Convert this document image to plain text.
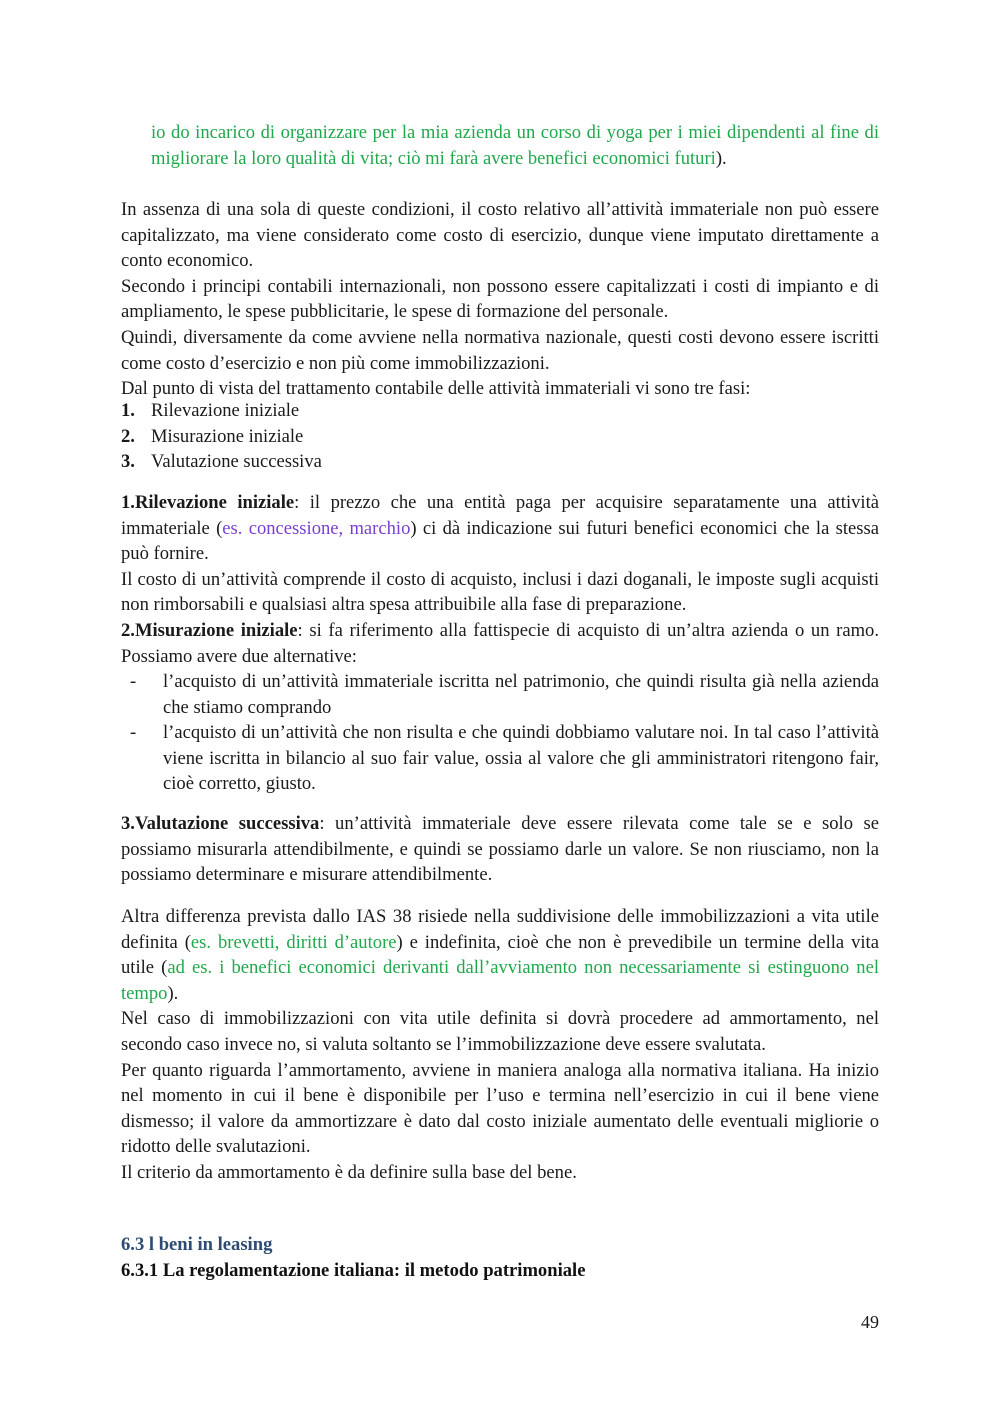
io do incarico di organizzare per la mia azienda un corso di yoga per i miei dipendenti al fine di migliorare la loro qualità di vita; ciò mi farà avere benefici economici futuri).

In assenza di una sola di queste condizioni, il costo relativo all’attività immateriale non può essere capitalizzato, ma viene considerato come costo di esercizio, dunque viene imputato direttamente a conto economico.

Secondo i principi contabili internazionali, non possono essere capitalizzati i costi di impianto e di ampliamento, le spese pubblicitarie, le spese di formazione del personale.

Quindi, diversamente da come avviene nella normativa nazionale, questi costi devono essere iscritti come costo d’esercizio e non più come immobilizzazioni.

Dal punto di vista del trattamento contabile delle attività immateriali vi sono tre fasi:

1. Rilevazione iniziale
2. Misurazione iniziale
3. Valutazione successiva

1.Rilevazione iniziale: il prezzo che una entità paga per acquisire separatamente una attività immateriale (es. concessione, marchio) ci dà indicazione sui futuri benefici economici che la stessa può fornire.

Il costo di un’attività comprende il costo di acquisto, inclusi i dazi doganali, le imposte sugli acquisti non rimborsabili e qualsiasi altra spesa attribuibile alla fase di preparazione.

2.Misurazione iniziale: si fa riferimento alla fattispecie di acquisto di un’altra azienda o un ramo. Possiamo avere due alternative:

-	l’acquisto di un’attività immateriale iscritta nel patrimonio, che quindi risulta già nella azienda che stiamo comprando
-	l’acquisto di un’attività che non risulta e che quindi dobbiamo valutare noi. In tal caso l’attività viene iscritta in bilancio al suo fair value, ossia al valore che gli amministratori ritengono fair, cioè corretto, giusto.

3.Valutazione successiva: un’attività immateriale deve essere rilevata come tale se e solo se possiamo misurarla attendibilmente, e quindi se possiamo darle un valore. Se non riusciamo, non la possiamo determinare e misurare attendibilmente.

Altra differenza prevista dallo IAS 38 risiede nella suddivisione delle immobilizzazioni a vita utile definita (es. brevetti, diritti d’autore) e indefinita, cioè che non è prevedibile un termine della vita utile (ad es. i benefici economici derivanti dall’avviamento non necessariamente si estinguono nel tempo).

Nel caso di immobilizzazioni con vita utile definita si dovrà procedere ad ammortamento, nel secondo caso invece no, si valuta soltanto se l’immobilizzazione deve essere svalutata.

Per quanto riguarda l’ammortamento, avviene in maniera analoga alla normativa italiana. Ha inizio nel momento in cui il bene è disponibile per l’uso e termina nell’esercizio in cui il bene viene dismesso; il valore da ammortizzare è dato dal costo iniziale aumentato delle eventuali migliorie o ridotto delle svalutazioni.

Il criterio da ammortamento è da definire sulla base del bene.

6.3 l beni in leasing
6.3.1 La regolamentazione italiana: il metodo patrimoniale
49
